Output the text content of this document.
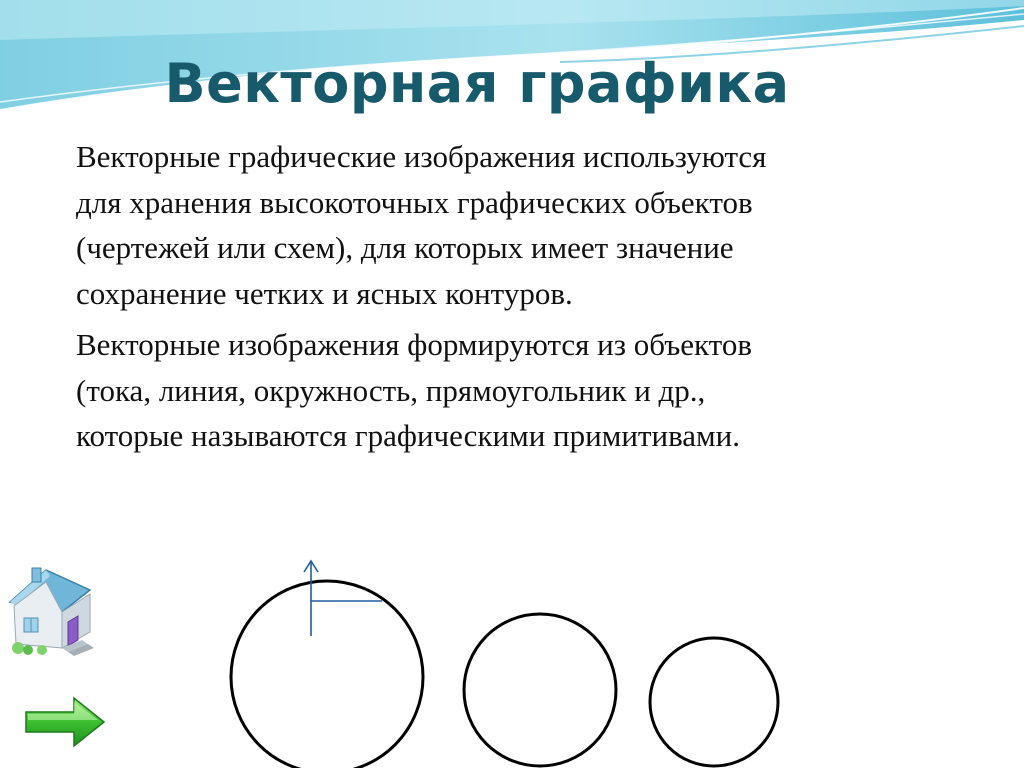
Векторная графика

Векторные графические изображения используются
для хранения высокоточных графических объектов
(чертежей или схем), для которых имеет значение
сохранение четких и ясных контуров.

Векторные изображения формируются из объектов
(тока, линия, окружность, прямоугольник и др.,
которые называются графическими примитивами.
